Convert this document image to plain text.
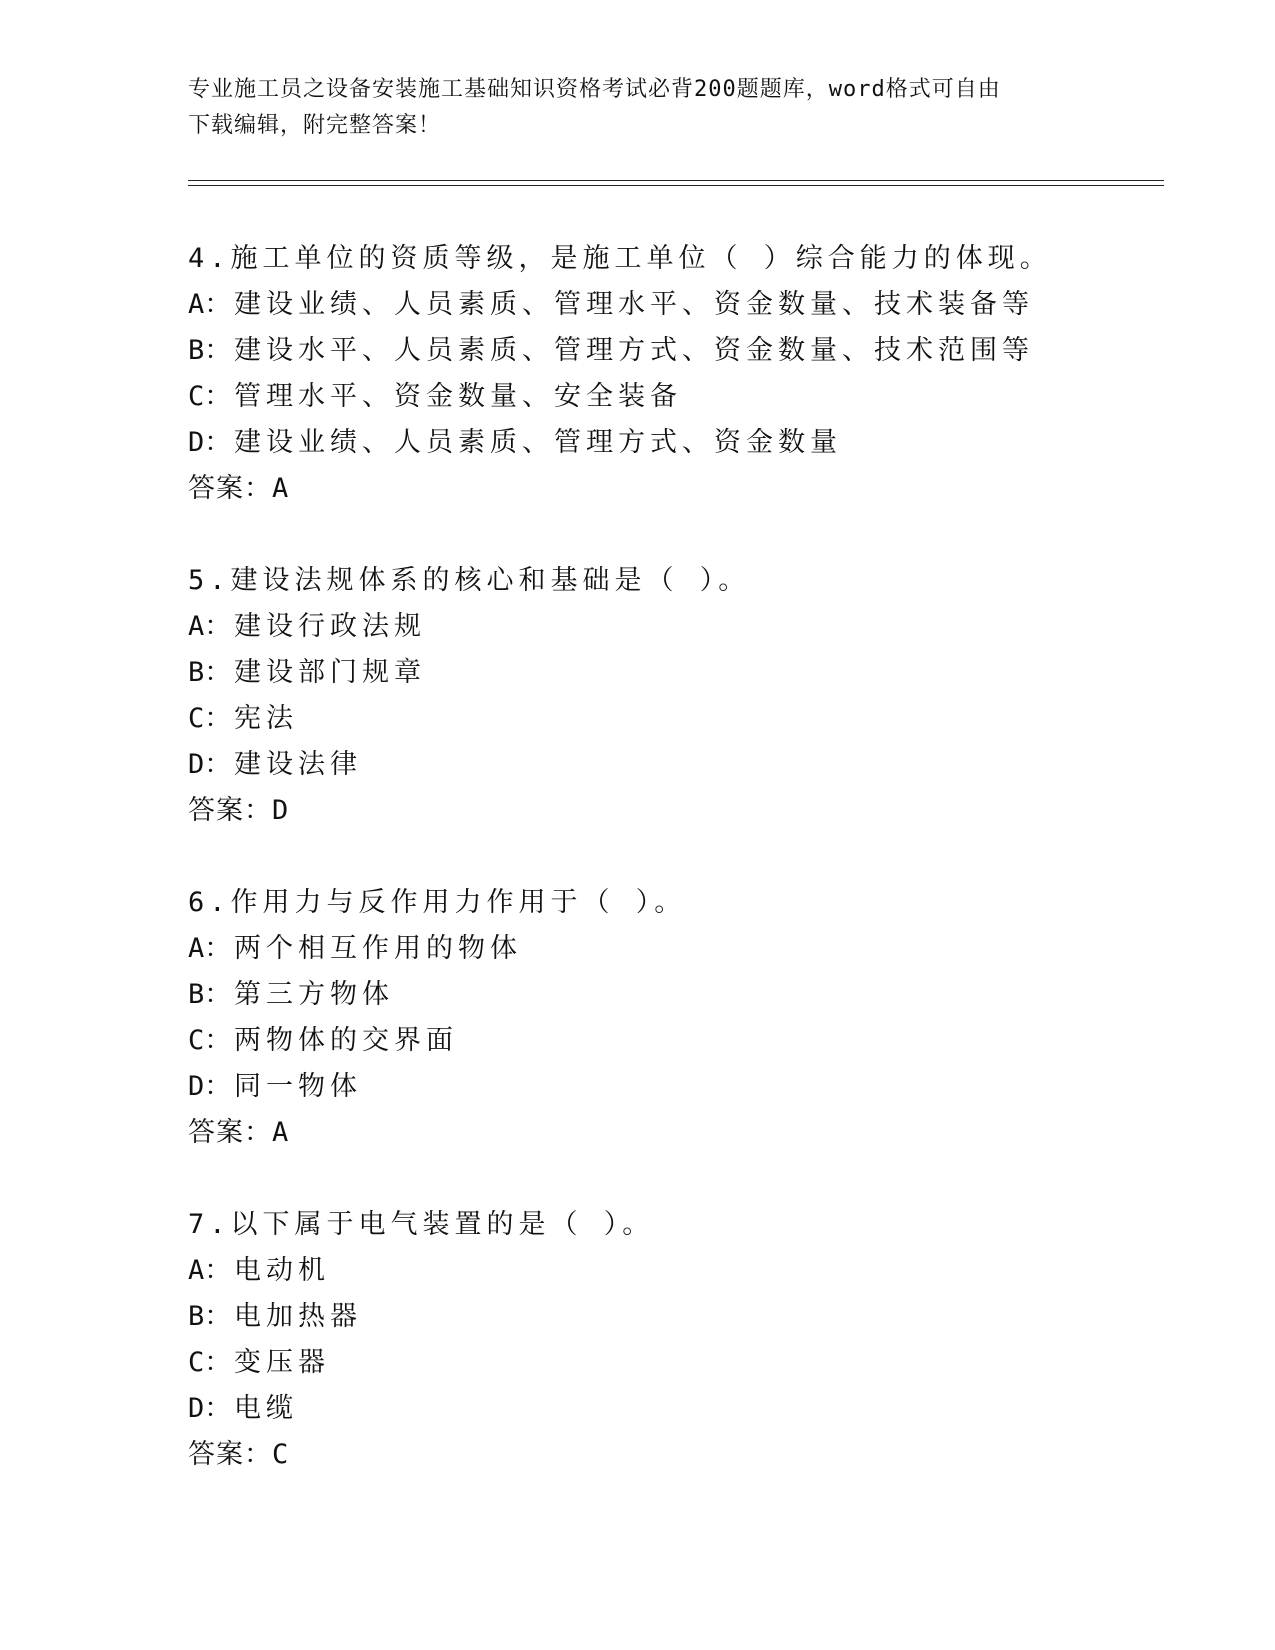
专业施工员之设备安装施工基础知识资格考试必背200题题库，word格式可自由
下载编辑，附完整答案！
4.施工单位的资质等级，是施工单位（ ）综合能力的体现。
A： 建设业绩、人员素质、管理水平、资金数量、技术装备等
B： 建设水平、人员素质、管理方式、资金数量、技术范围等
C： 管理水平、资金数量、安全装备
D： 建设业绩、人员素质、管理方式、资金数量
答案：A
5.建设法规体系的核心和基础是（ ）。
A： 建设行政法规
B： 建设部门规章
C： 宪法
D： 建设法律
答案：D
6.作用力与反作用力作用于（ ）。
A： 两个相互作用的物体
B： 第三方物体
C： 两物体的交界面
D： 同一物体
答案：A
7.以下属于电气装置的是（ ）。
A： 电动机
B： 电加热器
C： 变压器
D： 电缆
答案：C
